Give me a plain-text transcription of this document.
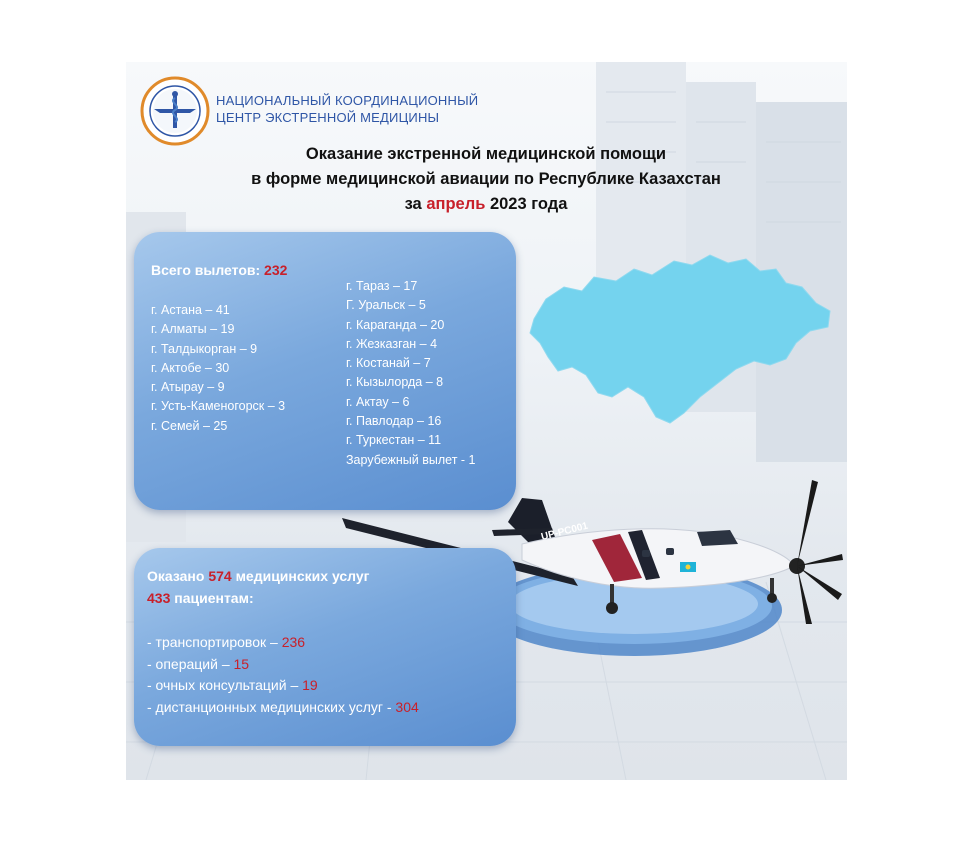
НАЦИОНАЛЬНЫЙ КООРДИНАЦИОННЫЙ
ЦЕНТР ЭКСТРЕННОЙ МЕДИЦИНЫ
Оказание экстренной медицинской помощи
в форме медицинской авиации по Республике Казахстан
за апрель 2023 года
Всего вылетов: 232
г. Астана – 41
г. Алматы – 19
г. Талдыкорган – 9
г. Актобе – 30
г. Атырау – 9
г. Усть-Каменогорск – 3
г. Семей – 25
г. Тараз – 17
Г. Уральск – 5
г. Караганда – 20
г. Жезказган – 4
г. Костанай – 7
г. Кызылорда – 8
г. Актау – 6
г. Павлодар – 16
г. Туркестан – 11
Зарубежный вылет - 1
UP-PC001
Оказано 574 медицинских услуг
433 пациентам:
- транспортировок – 236
- операций – 15
- очных консультаций – 19
- дистанционных медицинских услуг - 304
